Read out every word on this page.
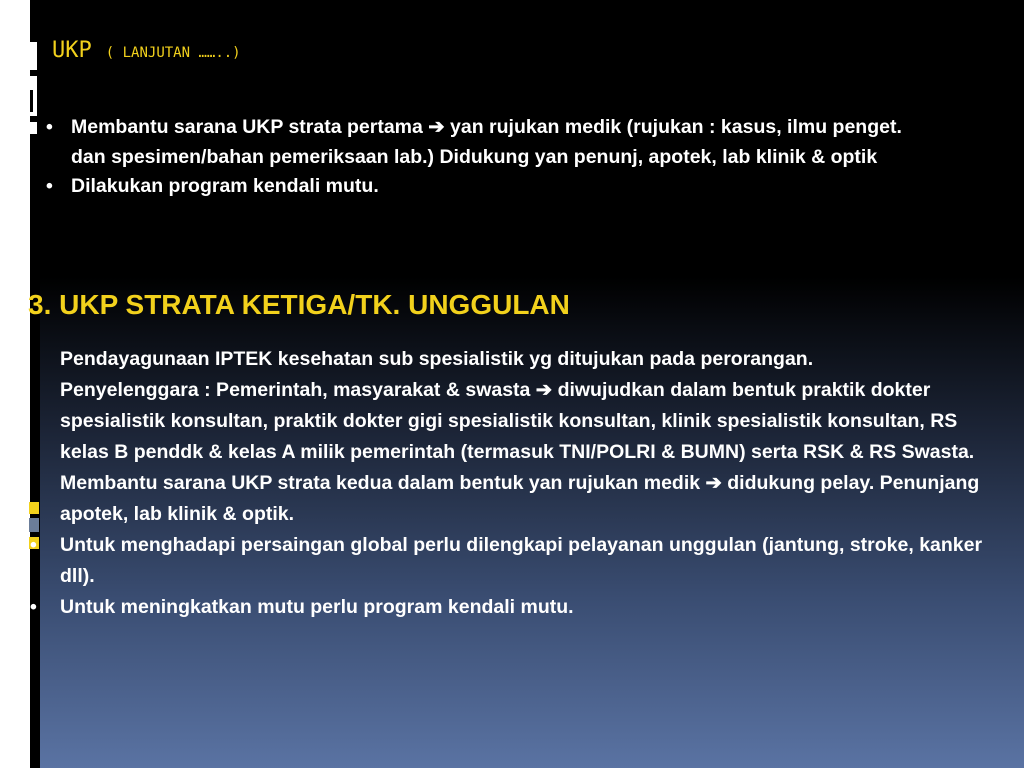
UKP ( LANJUTAN ……..)
• Membantu sarana UKP strata pertama ➔ yan rujukan medik (rujukan : kasus, ilmu penget. dan spesimen/bahan pemeriksaan lab.) Didukung yan penunj, apotek, lab klinik & optik
• Dilakukan program kendali mutu.
3. UKP STRATA KETIGA/TK. UNGGULAN
Pendayagunaan IPTEK kesehatan sub spesialistik yg ditujukan pada perorangan.
Penyelenggara : Pemerintah, masyarakat & swasta ➔ diwujudkan dalam bentuk praktik dokter spesialistik konsultan, praktik dokter gigi spesialistik konsultan, klinik spesialistik konsultan, RS kelas B penddk & kelas A milik pemerintah (termasuk TNI/POLRI & BUMN) serta RSK & RS Swasta.
Membantu sarana UKP strata kedua dalam bentuk yan rujukan medik ➔ didukung pelay. Penunjang apotek, lab klinik & optik.
• Untuk menghadapi persaingan global perlu dilengkapi pelayanan unggulan (jantung, stroke, kanker dll).
• Untuk meningkatkan mutu perlu program kendali mutu.
